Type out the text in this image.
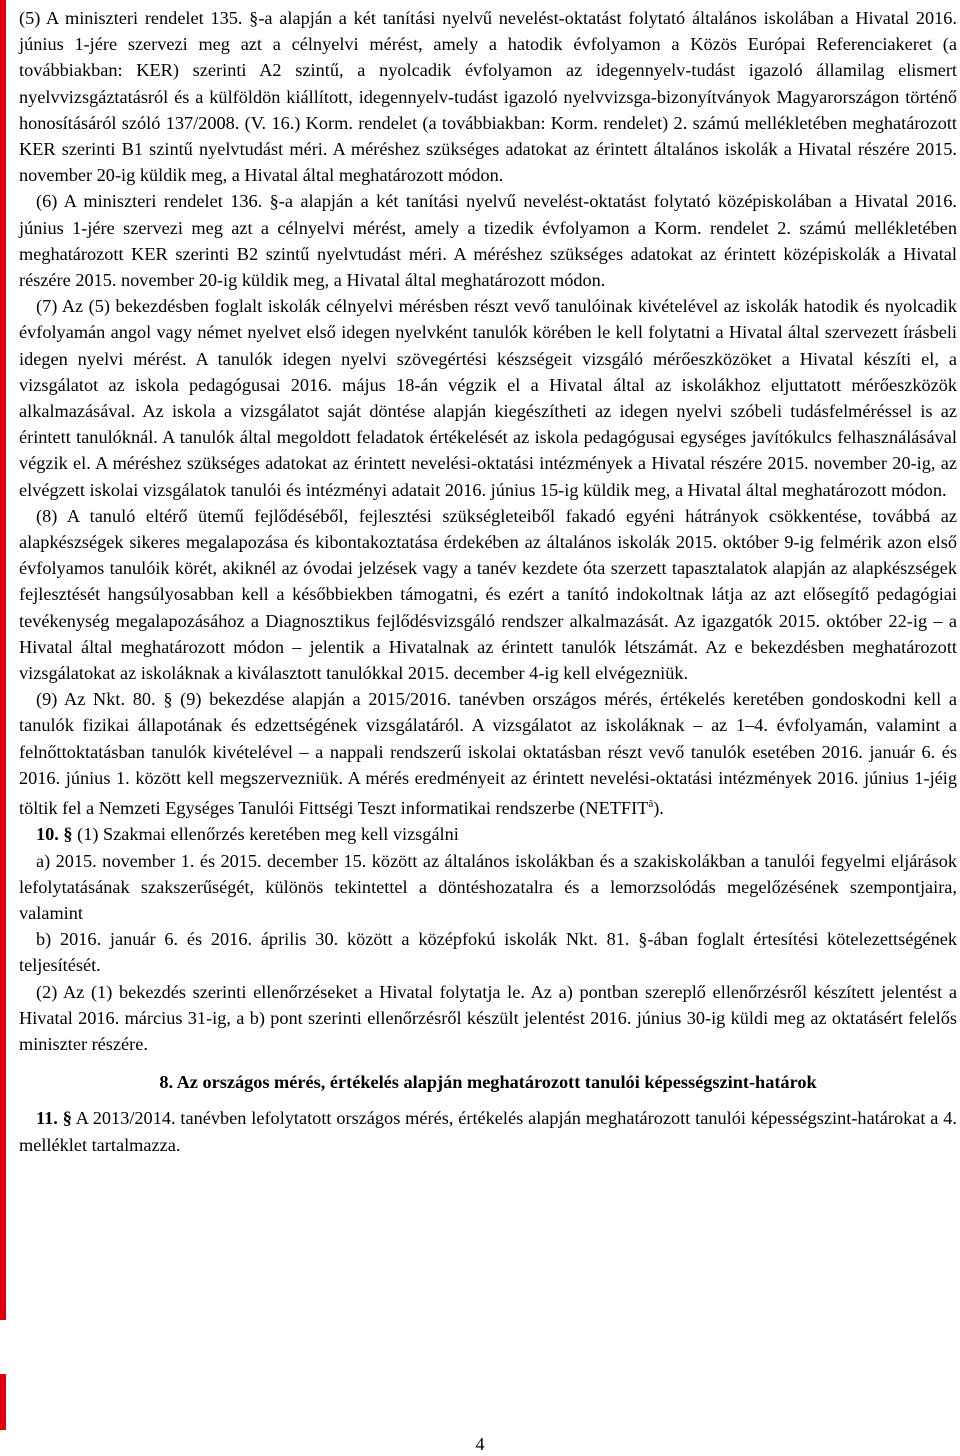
(5) A miniszteri rendelet 135. §-a alapján a két tanítási nyelvű nevelést-oktatást folytató általános iskolában a Hivatal 2016. június 1-jére szervezi meg azt a célnyelvi mérést, amely a hatodik évfolyamon a Közös Európai Referenciakeret (a továbbiakban: KER) szerinti A2 szintű, a nyolcadik évfolyamon az idegennyelv-tudást igazoló államilag elismert nyelvvizsgáztatásról és a külföldön kiállított, idegennyelv-tudást igazoló nyelvvizsga-bizonyítványok Magyarországon történő honosításáról szóló 137/2008. (V. 16.) Korm. rendelet (a továbbiakban: Korm. rendelet) 2. számú mellékletében meghatározott KER szerinti B1 szintű nyelvtudást méri. A méréshez szükséges adatokat az érintett általános iskolák a Hivatal részére 2015. november 20-ig küldik meg, a Hivatal által meghatározott módon.

(6) A miniszteri rendelet 136. §-a alapján a két tanítási nyelvű nevelést-oktatást folytató középiskolában a Hivatal 2016. június 1-jére szervezi meg azt a célnyelvi mérést, amely a tizedik évfolyamon a Korm. rendelet 2. számú mellékletében meghatározott KER szerinti B2 szintű nyelvtudást méri. A méréshez szükséges adatokat az érintett középiskolák a Hivatal részére 2015. november 20-ig küldik meg, a Hivatal által meghatározott módon.

(7) Az (5) bekezdésben foglalt iskolák célnyelvi mérésben részt vevő tanulóinak kivételével az iskolák hatodik és nyolcadik évfolyamán angol vagy német nyelvet első idegen nyelvként tanulók körében le kell folytatni a Hivatal által szervezett írásbeli idegen nyelvi mérést. A tanulók idegen nyelvi szövegértési készségeit vizsgáló mérőeszközöket a Hivatal készíti el, a vizsgálatot az iskola pedagógusai 2016. május 18-án végzik el a Hivatal által az iskolákhoz eljuttatott mérőeszközök alkalmazásával. Az iskola a vizsgálatot saját döntése alapján kiegészítheti az idegen nyelvi szóbeli tudásfelméréssel is az érintett tanulóknál. A tanulók által megoldott feladatok értékelését az iskola pedagógusai egységes javítókulcs felhasználásával végzik el. A méréshez szükséges adatokat az érintett nevelési-oktatási intézmények a Hivatal részére 2015. november 20-ig, az elvégzett iskolai vizsgálatok tanulói és intézményi adatait 2016. június 15-ig küldik meg, a Hivatal által meghatározott módon.

(8) A tanuló eltérő ütemű fejlődéséből, fejlesztési szükségleteiből fakadó egyéni hátrányok csökkentése, továbbá az alapkészségek sikeres megalapozása és kibontakoztatása érdekében az általános iskolák 2015. október 9-ig felmérik azon első évfolyamos tanulóik körét, akiknél az óvodai jelzések vagy a tanév kezdete óta szerzett tapasztalatok alapján az alapkészségek fejlesztését hangsúlyosabban kell a későbbiekben támogatni, és ezért a tanító indokoltnak látja az azt elősegítő pedagógiai tevékenység megalapozásához a Diagnosztikus fejlődésvizsgáló rendszer alkalmazását. Az igazgatók 2015. október 22-ig – a Hivatal által meghatározott módon – jelentik a Hivatalnak az érintett tanulók létszámát. Az e bekezdésben meghatározott vizsgálatokat az iskoláknak a kiválasztott tanulókkal 2015. december 4-ig kell elvégezniük.

(9) Az Nkt. 80. § (9) bekezdése alapján a 2015/2016. tanévben országos mérés, értékelés keretében gondoskodni kell a tanulók fizikai állapotának és edzettségének vizsgálatáról. A vizsgálatot az iskoláknak – az 1–4. évfolyamán, valamint a felnőttoktatásban tanulók kivételével – a nappali rendszerű iskolai oktatásban részt vevő tanulók esetében 2016. január 6. és 2016. június 1. között kell megszervezniük. A mérés eredményeit az érintett nevelési-oktatási intézmények 2016. június 1-jéig töltik fel a Nemzeti Egységes Tanulói Fittségi Teszt informatikai rendszerbe $(NETFIT^â)$.

10. § (1) Szakmai ellenőrzés keretében meg kell vizsgálni

a) 2015. november 1. és 2015. december 15. között az általános iskolákban és a szakiskolákban a tanulói fegyelmi eljárások lefolytatásának szakszerűségét, különös tekintettel a döntéshozatalra és a lemorzsolódás megelőzésének szempontjaira, valamint

b) 2016. január 6. és 2016. április 30. között a középfokú iskolák Nkt. 81. §-ában foglalt értesítési kötelezettségének teljesítését.

(2) Az (1) bekezdés szerinti ellenőrzéseket a Hivatal folytatja le. Az a) pontban szereplő ellenőrzésről készített jelentést a Hivatal 2016. március 31-ig, a b) pont szerinti ellenőrzésről készült jelentést 2016. június 30-ig küldi meg az oktatásért felelős miniszter részére.

8. Az országos mérés, értékelés alapján meghatározott tanulói képességszint-határok

11. § A 2013/2014. tanévben lefolytatott országos mérés, értékelés alapján meghatározott tanulói képességszint-határokat a 4. melléklet tartalmazza.

4
